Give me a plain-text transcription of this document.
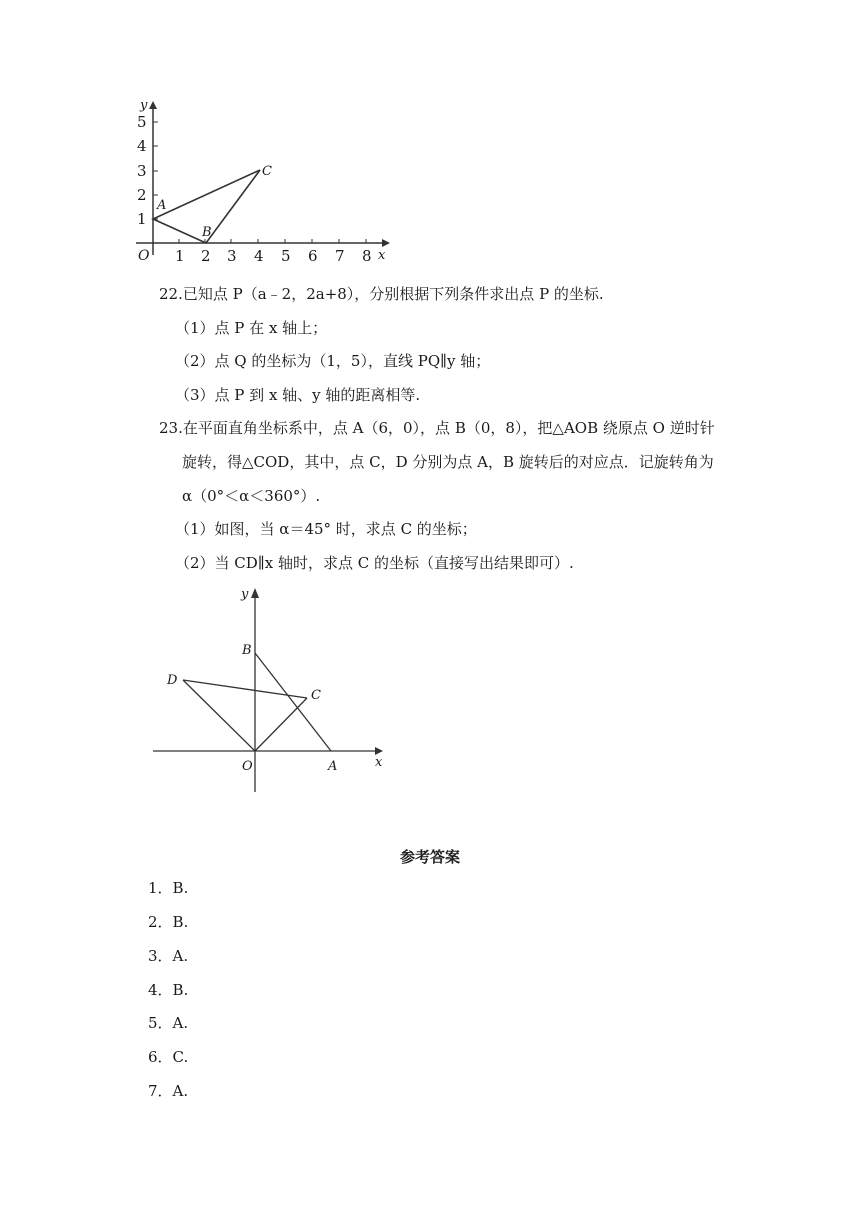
1 2 3 4 5 6 7 8 x
1
2
3
4
5
y
O
A
B
C
22.已知点 P（a﹣2，2a+8），分别根据下列条件求出点 P 的坐标.
（1）点 P 在 x 轴上；
（2）点 Q 的坐标为（1，5），直线 PQ∥y 轴；
（3）点 P 到 x 轴、y 轴的距离相等.
23.在平面直角坐标系中，点 A（6，0），点 B（0，8），把△AOB 绕原点 O 逆时针
旋转，得△COD，其中，点 C，D 分别为点 A，B 旋转后的对应点．记旋转角为
α（0°＜α＜360°）.
（1）如图，当 α＝45° 时，求点 C 的坐标；
（2）当 CD∥x 轴时，求点 C 的坐标（直接写出结果即可）.
x
y
O	A
B
C
D
参考答案
1．B.
2．B.
3．A.
4．B.
5．A.
6．C.
7．A.
